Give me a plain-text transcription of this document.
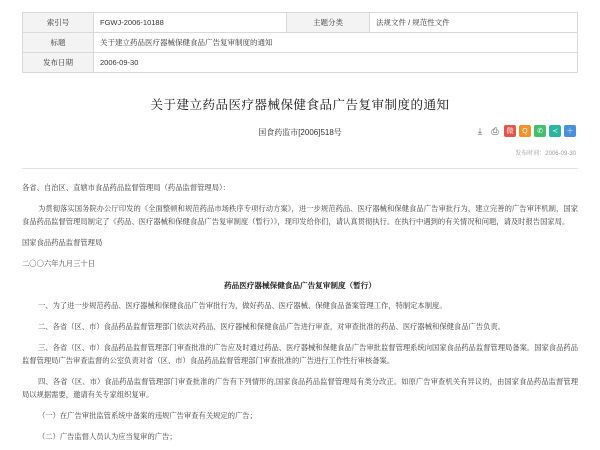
索引号	FGWJ-2006-10188	主题分类	法规文件 / 规范性文件
标题	关于建立药品医疗器械保健食品广告复审制度的通知		
发布日期	2006-09-30		
关于建立药品医疗器械保健食品广告复审制度的通知
国食药监市[2006]518号	⤓	⎙	微	Q	✆	≺	＋
发布时间：2006-09-30

各省、自治区、直辖市食品药品监督管理局（药品监督管理局）：

为贯彻落实国务院办公厅印发的《全面整顿和规范药品市场秩序专项行动方案》，进一步规范药品、医疗器械和保健食品广告审批行为，建立完善的广告审评机制，国家食品药品监督管理局制定了《药品、医疗器械和保健食品广告复审制度（暂行）》，现印发给你们，请认真贯彻执行。在执行中遇到的有关情况和问题，请及时报告国家局。

国家食品药品监督管理局

二〇〇六年九月三十日

药品医疗器械保健食品广告复审制度（暂行）

一、为了进一步规范药品、医疗器械和保健食品广告审批行为，做好药品、医疗器械、保健食品备案管理工作，特制定本制度。

二、各省（区、市）食品药品监督管理部门依法对药品、医疗器械和保健食品广告进行审查，对审查批准的药品、医疗器械和保健食品广告负责。

三、各省（区、市）食品药品监督管理部门审查批准的广告应及时通过药品、医疗器械和保健食品广告审批监督管理系统向国家食品药品监督管理局备案。国家食品药品监督管理局广告审查监督的公室负责对省（区、市）食品药品监督管理部门审查批准的广告进行工作性行审核备案。

四、各省（区、市）食品药品监督管理部门审查批准的广告有下列情形的,国家食品药品监督管理局有类分改正。如原广告审查机关有异议的，由国家食品药品监督管理局以规据需要，邀请有关专家组织复审。

（一）在广告审批监管系统中备案的违规广告审查有关规定的广告；

（二）广告监督人员认为应当复审的广告；
